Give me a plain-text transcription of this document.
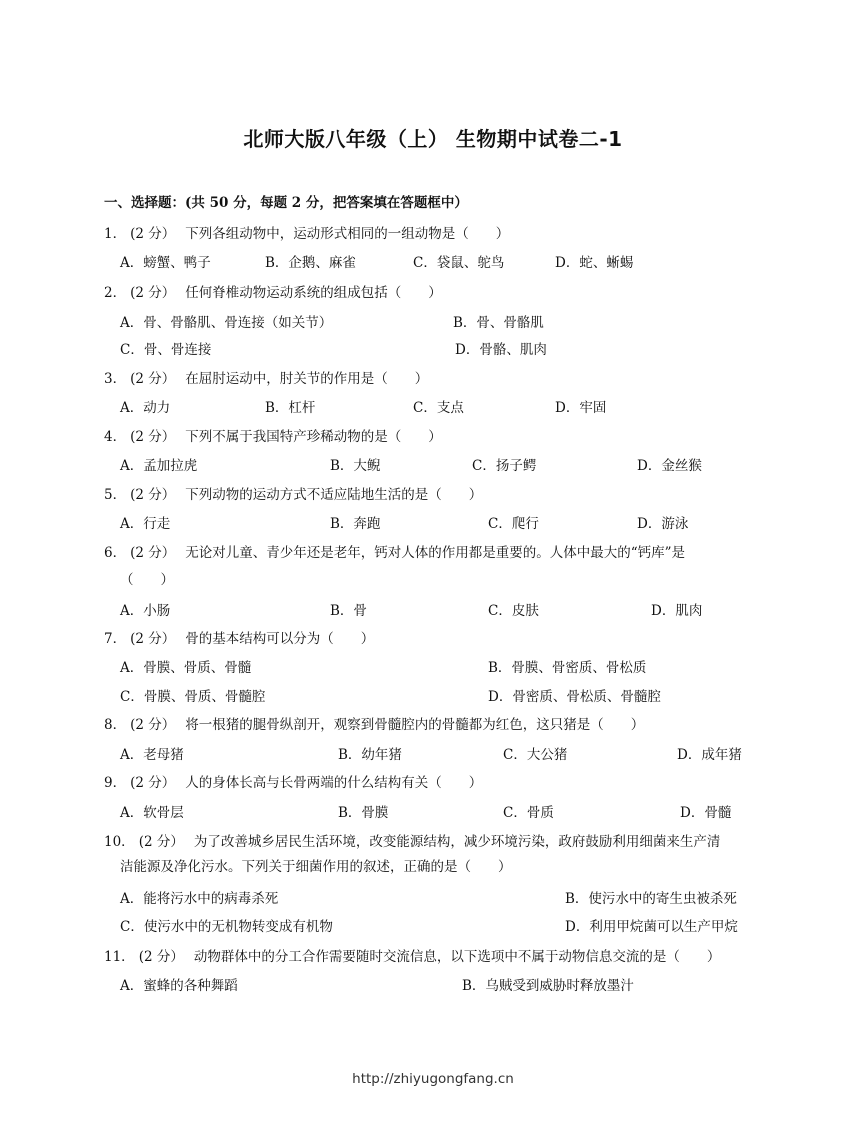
北师大版八年级（上） 生物期中试卷二-1
一、选择题：(共 50 分，每题 2 分，把答案填在答题框中）
1． (2 分） 下列各组动物中，运动形式相同的一组动物是（　　）
A．螃蟹、鸭子	B．企鹅、麻雀	C．袋鼠、鸵鸟	D．蛇、蜥蜴
2． (2 分） 任何脊椎动物运动系统的组成包括（　　）
A．骨、骨骼肌、骨连接（如关节）	B．骨、骨骼肌
C．骨、骨连接	D．骨骼、肌肉
3． (2 分） 在屈肘运动中，肘关节的作用是（　　）
A．动力	B．杠杆	C．支点	D．牢固
4． (2 分） 下列不属于我国特产珍稀动物的是（　　）
A．孟加拉虎	B．大鲵	C．扬子鳄	D．金丝猴
5． (2 分） 下列动物的运动方式不适应陆地生活的是（　　）
A．行走	B．奔跑	C．爬行	D．游泳
6． (2 分） 无论对儿童、青少年还是老年，钙对人体的作用都是重要的。人体中最大的“钙库”是
（　　）
A．小肠	B．骨	C．皮肤	D．肌肉
7． (2 分） 骨的基本结构可以分为（　　）
A．骨膜、骨质、骨髓	B．骨膜、骨密质、骨松质
C．骨膜、骨质、骨髓腔	D．骨密质、骨松质、骨髓腔
8． (2 分） 将一根猪的腿骨纵剖开，观察到骨髓腔内的骨髓都为红色，这只猪是（　　）
A．老母猪	B．幼年猪	C．大公猪	D．成年猪
9． (2 分） 人的身体长高与长骨两端的什么结构有关（　　）
A．软骨层	B．骨膜	C．骨质	D．骨髓
10． (2 分） 为了改善城乡居民生活环境，改变能源结构，减少环境污染，政府鼓励利用细菌来生产清
洁能源及净化污水。下列关于细菌作用的叙述，正确的是（　　）
A．能将污水中的病毒杀死	B．使污水中的寄生虫被杀死
C．使污水中的无机物转变成有机物	D．利用甲烷菌可以生产甲烷
11． (2 分） 动物群体中的分工合作需要随时交流信息，以下选项中不属于动物信息交流的是（　　）
A．蜜蜂的各种舞蹈	B．乌贼受到威胁时释放墨汁
http://zhiyugongfang.cn
